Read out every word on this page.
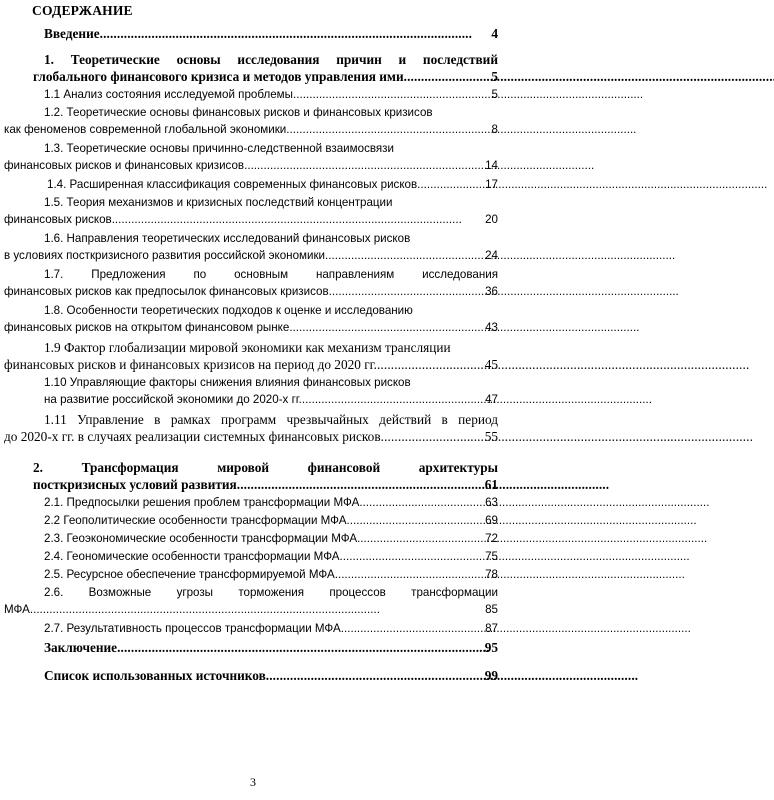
СОДЕРЖАНИЕ
Введение . . .	4
1. Теоретические основы исследования причин и последствий
глобального финансового кризиса и методов управления ими . . .	5
1.1 Анализ состояния исследуемой проблемы . . .	5
1.2. Теоретические основы финансовых рисков и финансовых кризисов
как феноменов современной глобальной экономики . . .	8
1.3. Теоретические основы причинно-следственной взаимосвязи
финансовых рисков и финансовых кризисов . . .	14
1.4. Расширенная классификация современных финансовых рисков . . .	17
1.5. Теория механизмов и кризисных последствий концентрации
финансовых рисков . . .	20
1.6. Направления теоретических исследований финансовых рисков
в условиях посткризисного развития российской экономики . . .	24
1.7. Предложения по основным направлениям исследования
финансовых рисков как предпосылок финансовых кризисов . . .	36
1.8. Особенности теоретических подходов к оценке и исследованию
финансовых рисков на открытом финансовом рынке . . .	43
1.9 Фактор глобализации мировой экономики как механизм трансляции
финансовых рисков и финансовых кризисов на период до 2020 гг. . . .	45
1.10 Управляющие факторы снижения влияния финансовых рисков
на развитие российской экономики до 2020-х гг. . . .	47
1.11 Управление в рамках программ чрезвычайных действий в период
до 2020-х гг. в случаях реализации системных финансовых рисков . . .	55
2. Трансформация мировой финансовой архитектуры
посткризисных условий развития . . .	61
2.1. Предпосылки решения проблем трансформации МФА . . .	63
2.2 Геополитические особенности трансформации МФА . . .	69
2.3. Геоэкономические особенности трансформации МФА . . .	72
2.4. Геономические особенности трансформации МФА . . .	75
2.5. Ресурсное обеспечение трансформируемой МФА . . .	78
2.6. Возможные угрозы торможения процессов трансформации
МФА . . .	85
2.7. Результативность процессов трансформации МФА . . .	87
Заключение . . .	95
Список использованных источников . . .	99
3
